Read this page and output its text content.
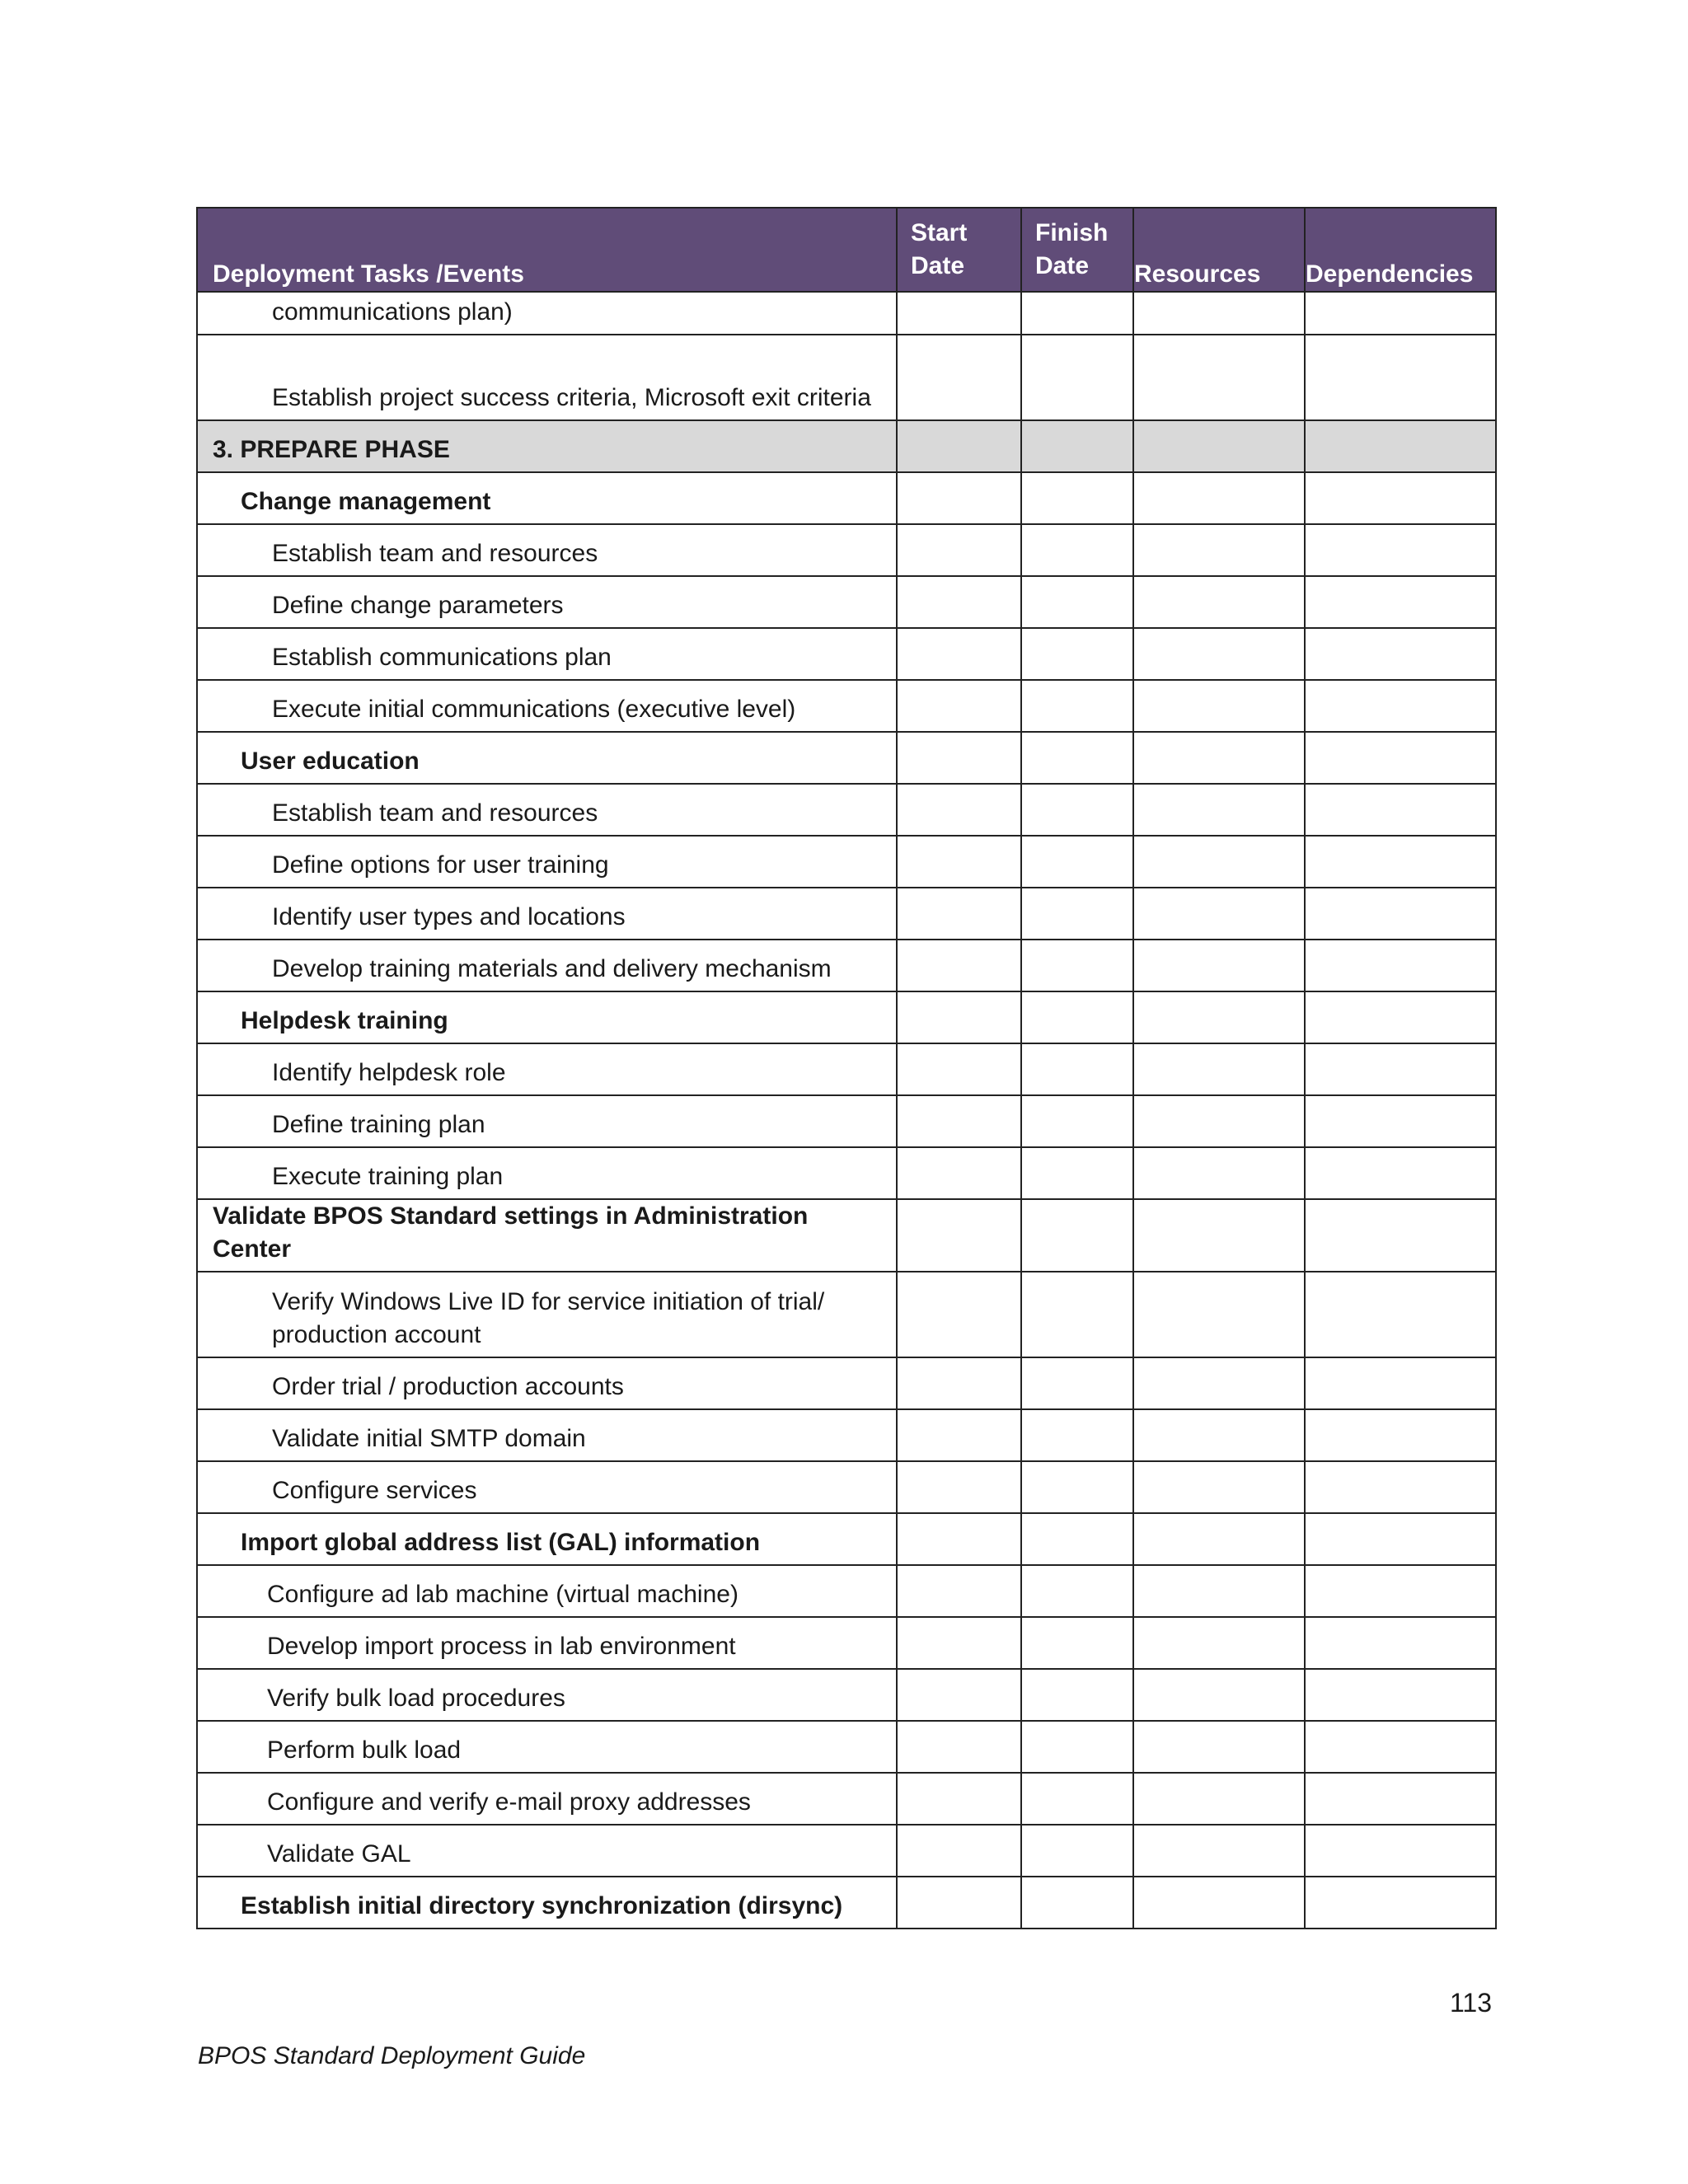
Deployment Tasks /Events	Start Date	Finish Date	Resources	Dependencies
communications plan)				
Establish project success criteria, Microsoft exit criteria				
3. PREPARE PHASE				
Change management				
Establish team and resources				
Define change parameters				
Establish communications plan				
Execute initial communications (executive level)				
User education				
Establish team and resources				
Define options for user training				
Identify user types and locations				
Develop training materials and delivery mechanism				
Helpdesk training				
Identify helpdesk role				
Define training plan				
Execute training plan				
Validate BPOS Standard settings in Administration Center				
Verify Windows Live ID for service initiation of trial/ production account				
Order trial / production accounts				
Validate initial SMTP domain				
Configure services				
Import global address list (GAL) information				
Configure ad lab machine (virtual machine)				
Develop import process in lab environment				
Verify bulk load procedures				
Perform bulk load				
Configure and verify e-mail proxy addresses				
Validate GAL				
Establish initial directory synchronization (dirsync)				
113
BPOS Standard Deployment Guide
